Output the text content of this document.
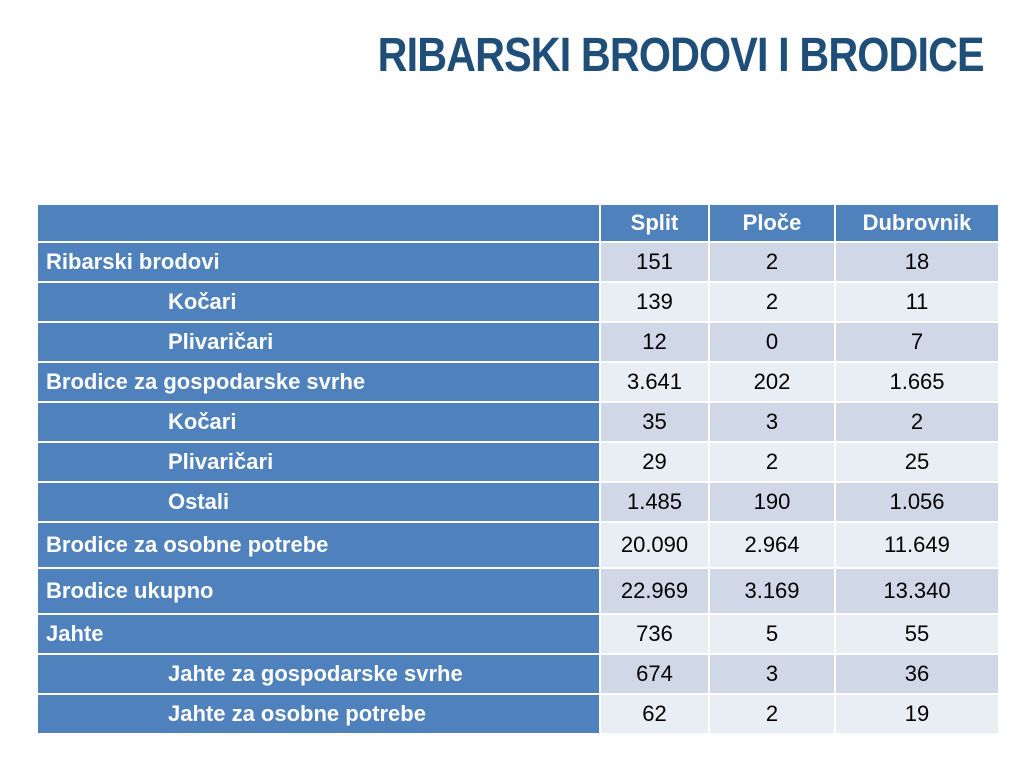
RIBARSKI BRODOVI I BRODICE
	Split	Ploče	Dubrovnik
Ribarski brodovi	151	2	18
Kočari	139	2	11
Plivaričari	12	0	7
Brodice za gospodarske svrhe	3.641	202	1.665
Kočari	35	3	2
Plivaričari	29	2	25
Ostali	1.485	190	1.056
Brodice za osobne potrebe	20.090	2.964	11.649
Brodice ukupno	22.969	3.169	13.340
Jahte	736	5	55
Jahte za gospodarske svrhe	674	3	36
Jahte za osobne potrebe	62	2	19
